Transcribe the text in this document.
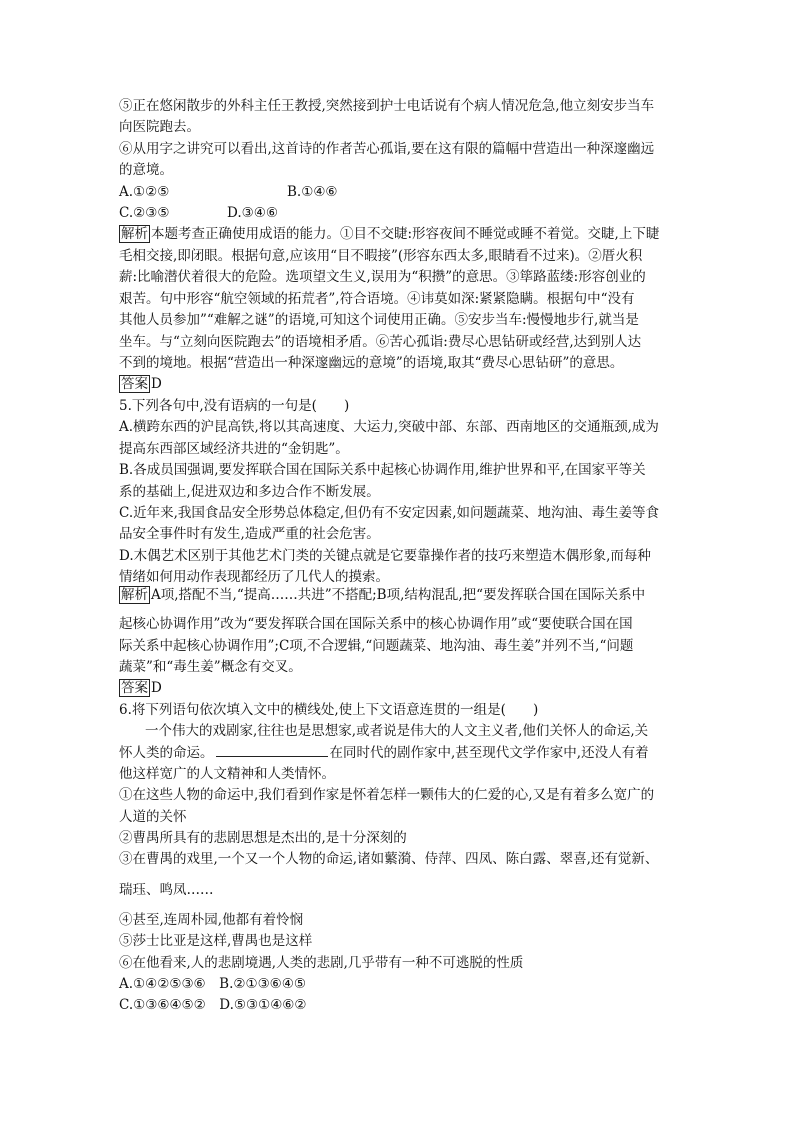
⑤正在悠闲散步的外科主任王教授,突然接到护士电话说有个病人情况危急,他立刻安步当车
向医院跑去。
⑥从用字之讲究可以看出,这首诗的作者苦心孤诣,要在这有限的篇幅中营造出一种深邃幽远
的意境。
A.①②⑤	B.①④⑥
C.②③⑤	D.③④⑥
解析 本题考查正确使用成语的能力。①目不交睫:形容夜间不睡觉或睡不着觉。交睫,上下睫
毛相交接,即闭眼。根据句意,应该用“目不暇接”(形容东西太多,眼睛看不过来)。②厝火积
薪:比喻潜伏着很大的危险。选项望文生义,误用为“积攒”的意思。③筚路蓝缕:形容创业的
艰苦。句中形容“航空领域的拓荒者”,符合语境。④讳莫如深:紧紧隐瞒。根据句中“没有
其他人员参加”“难解之谜”的语境,可知这个词使用正确。⑤安步当车:慢慢地步行,就当是
坐车。与“立刻向医院跑去”的语境相矛盾。⑥苦心孤诣:费尽心思钻研或经营,达到别人达
不到的境地。根据“营造出一种深邃幽远的意境”的语境,取其“费尽心思钻研”的意思。
答案 D
5.下列各句中,没有语病的一句是(　　)
A.横跨东西的沪昆高铁,将以其高速度、大运力,突破中部、东部、西南地区的交通瓶颈,成为
提高东西部区域经济共进的“金钥匙”。
B.各成员国强调,要发挥联合国在国际关系中起核心协调作用,维护世界和平,在国家平等关
系的基础上,促进双边和多边合作不断发展。
C.近年来,我国食品安全形势总体稳定,但仍有不安定因素,如问题蔬菜、地沟油、毒生姜等食
品安全事件时有发生,造成严重的社会危害。
D.木偶艺术区别于其他艺术门类的关键点就是它要靠操作者的技巧来塑造木偶形象,而每种
情绪如何用动作表现都经历了几代人的摸索。
解析 A项,搭配不当,“提高……共进”不搭配;B项,结构混乱,把“要发挥联合国在国际关系中
起核心协调作用”改为“要发挥联合国在国际关系中的核心协调作用”或“要使联合国在国
际关系中起核心协调作用”;C项,不合逻辑,“问题蔬菜、地沟油、毒生姜”并列不当,“问题
蔬菜”和“毒生姜”概念有交叉。
答案 D
6.将下列语句依次填入文中的横线处,使上下文语意连贯的一组是(　　)
一个伟大的戏剧家,往往也是思想家,或者说是伟大的人文主义者,他们关怀人的命运,关
怀人类的命运。	在同时代的剧作家中,甚至现代文学作家中,还没人有着
他这样宽广的人文精神和人类情怀。
①在这些人物的命运中,我们看到作家是怀着怎样一颗伟大的仁爱的心,又是有着多么宽广的
人道的关怀
②曹禺所具有的悲剧思想是杰出的,是十分深刻的
③在曹禺的戏里,一个又一个人物的命运,诸如蘩漪、侍萍、四凤、陈白露、翠喜,还有觉新、
瑞珏、鸣凤……
④甚至,连周朴园,他都有着怜悯
⑤莎士比亚是这样,曹禺也是这样
⑥在他看来,人的悲剧境遇,人类的悲剧,几乎带有一种不可逃脱的性质
A.①④②⑤③⑥　B.②①③⑥④⑤
C.①③⑥④⑤②　D.⑤③①④⑥②
